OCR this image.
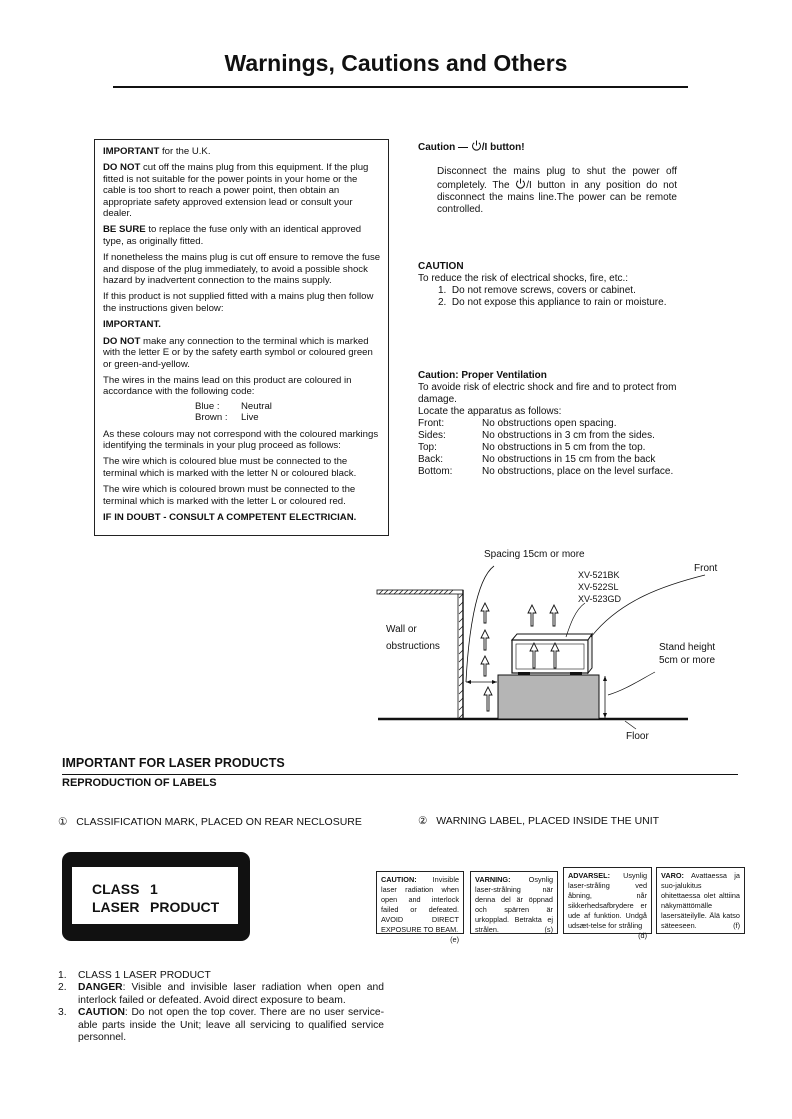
Warnings, Cautions and Others

IMPORTANT for the U.K.

DO NOT cut off the mains plug from this equipment. If the plug fitted is not suitable for the power points in your home or the cable is too short to reach a power point, then obtain an appropriate safety approved extension lead or consult your dealer.

BE SURE to replace the fuse only with an identical approved type, as originally fitted.

If nonetheless the mains plug is cut off ensure to remove the fuse and dispose of the plug immediately, to avoid a possible shock hazard by inadvertent connection to the mains supply.

If this product is not supplied fitted with a mains plug then follow the instructions given below:

IMPORTANT.

DO NOT make any connection to the terminal which is marked with the letter E or by the safety earth symbol or coloured green or green-and-yellow.

The wires in the mains lead on this product are coloured in accordance with the following code:

Blue :	Neutral
Brown :	Live

As these colours may not correspond with the coloured markings identifying the terminals in your plug proceed as follows:

The wire which is coloured blue must be connected to the terminal which is marked with the letter N or coloured black.

The wire which is coloured brown must be connected to the terminal which is marked with the letter L or coloured red.

IF IN DOUBT - CONSULT A COMPETENT ELECTRICIAN.

Caution — /I button!
Disconnect the mains plug to shut the power off completely. The /I button in any position do not disconnect the mains line.The power can be remote controlled.
CAUTION
To reduce the risk of electrical shocks, fire, etc.:
1. Do not remove screws, covers or cabinet.
2. Do not expose this appliance to rain or moisture.
Caution: Proper Ventilation
To avoide risk of electric shock and fire and to protect from damage.
Locate the apparatus as follows:
Front:	No obstructions open spacing.
Sides:	No obstructions in 3 cm from the sides.
Top:	No obstructions in 5 cm from the top.
Back:	No obstructions in 15 cm from the back
Bottom:	No obstructions, place on the level surface.
Spacing 15cm or more
Front
XV-521BK
XV-522SL
XV-523GD
Wall or
obstructions	Stand height
5cm or more
Floor
IMPORTANT FOR LASER PRODUCTS
REPRODUCTION OF LABELS
① CLASSIFICATION MARK, PLACED ON REAR NECLOSURE	② WARNING LABEL, PLACED INSIDE THE UNIT
CLASS 1
LASER PRODUCT
CAUTION: Invisible laser radiation when open and interlock failed or defeated. AVOID DIRECT EXPOSURE TO BEAM.
(e)
VARNING: Osynlig laser-strålning när denna del är öppnad och spärren är urkopplad. Betrakta ej strålen.	(s)
ADVARSEL: Usynlig laser-stråling ved åbning, når sikkerhedsafbrydere er ude af funktion. Undgå udsæt-telse for stråling
(d)
VARO: Avattaessa ja suo-jalukitus ohitettaessa olet alttiina näkymättömälle lasersäteilylle. Älä katso säteeseen.	(f)
1.	CLASS 1 LASER PRODUCT
2.	DANGER: Visible and invisible laser radiation when open and interlock failed or defeated. Avoid direct exposure to beam.
3.	CAUTION: Do not open the top cover. There are no user service-able parts inside the Unit; leave all servicing to qualified service personnel.
